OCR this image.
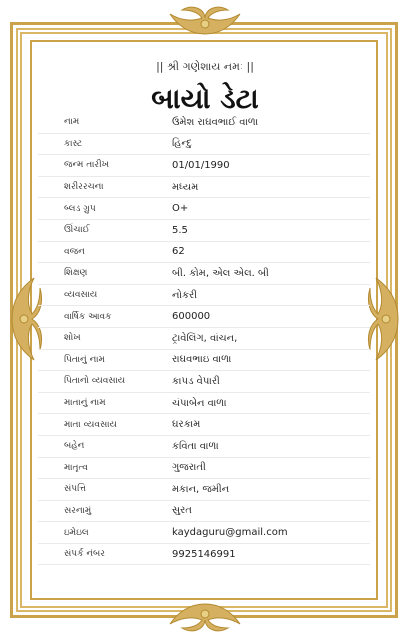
|| શ્રી ગણેશાય નમઃ ||
બાયો ડેટા
નામ	ઉમેશ રાઘવભાઈ વાળા
કાસ્ટ	હિન્દુ
જન્મ તારીખ	01/01/1990
શરીરરચના	મધ્યમ
બ્લડ ગ્રુપ	O+
ઊંચાઈ	5.5
વજન	62
શિક્ષણ	બી. કોમ, એલ એલ. બી
વ્યવસાય	નોકરી
વાર્ષિક આવક	600000
શોખ	ટ્રાવેલિંગ, વાંચન,
પિતાનું નામ	રાઘવભાઇ વાળા
પિતાનો વ્યવસાય	કાપડ વેપારી
માતાનું નામ	ચંપાબેન વાળા
માતા વ્યવસાય	ઘરકામ
બહેન	કવિતા વાળા
માતૃત્વ	ગુજરાતી
સંપત્તિ	મકાન, જમીન
સરનામું	સુરત
ઇમેઇલ	kaydaguru@gmail.com
સંપર્ક નંબર	9925146991
